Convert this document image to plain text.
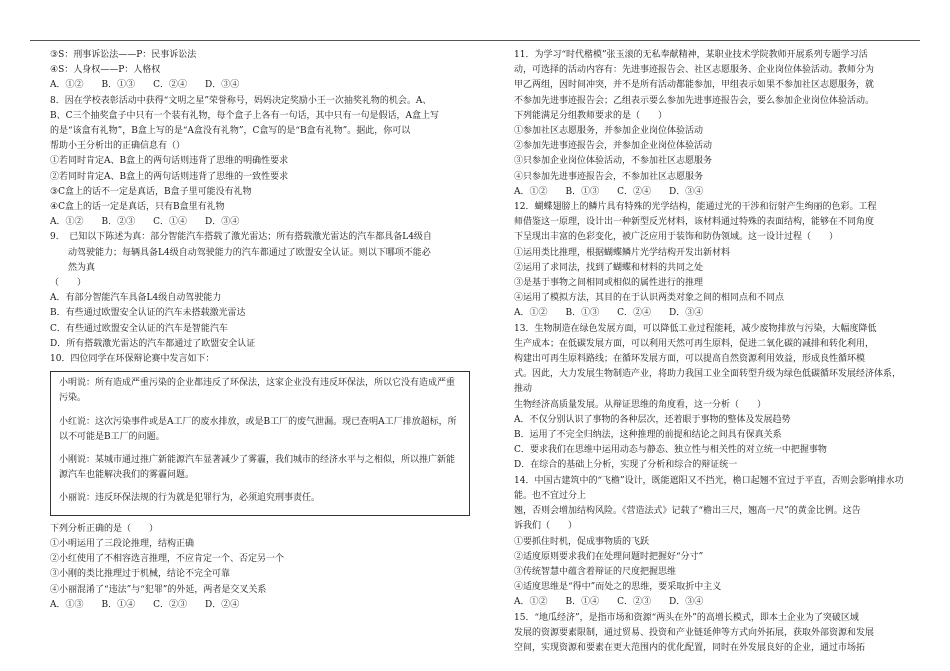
③S：刑事诉讼法——P：民事诉讼法

④S：人身权——P：人格权

A．①②　　B．①③　　C．②④　　D．③④

8．因在学校表彰活动中获得“文明之星”荣誉称号，妈妈决定奖励小王一次抽奖礼物的机会。A、

B、C三个抽奖盒子中只有一个装有礼物，每个盒子上各有一句话，其中只有一句是假话，A盒上写

的是“该盒有礼物”，B盒上写的是“A盒没有礼物”，C盒写的是“B盒有礼物”。据此，你可以

帮助小王分析出的正确信息有（）

①若同时肯定A、B盒上的两句话则违背了思维的明确性要求

②若同时肯定A、B盒上的两句话则违背了思维的一致性要求

③C盒上的话不一定是真话，B盒子里可能没有礼物

④C盒上的话一定是真话，只有B盒里有礼物

A．①②　　B．②③　　C．①④　　D．③④

9．　已知以下陈述为真：部分智能汽车搭载了激光雷达；所有搭载激光雷达的汽车都具备L4级自

　　动驾驶能力；每辆具备L4级自动驾驶能力的汽车都通过了欧盟安全认证。则以下哪项不能必

　　然为真

（　　）

A．有部分智能汽车具备L4级自动驾驶能力

B．有些通过欧盟安全认证的汽车未搭载激光雷达

C．有些通过欧盟安全认证的汽车是智能汽车

D．所有搭载激光雷达的汽车都通过了欧盟安全认证

10．四位同学在环保辩论赛中发言如下：

小明说：所有造成严重污染的企业都违反了环保法，这家企业没有违反环保法，所以它没有造成严重污染。

小红说：这次污染事件或是A工厂的废水排放，或是B工厂的废气泄漏。现已查明A工厂排放超标，所以不可能是B工厂的问题。

小刚说：某城市通过推广新能源汽车显著减少了雾霾，我们城市的经济水平与之相似，所以推广新能源汽车也能解决我们的雾霾问题。

小丽说：违反环保法规的行为就是犯罪行为，必须追究刑事责任。

下列分析正确的是（　　）

①小明运用了三段论推理，结构正确

②小红使用了不相容选言推理，不应肯定一个、否定另一个

③小刚的类比推理过于机械，结论不完全可靠

④小丽混淆了“违法”与“犯罪”的外延，两者是交叉关系

A．①③　　B．①④　　C．②③　　D．②④

11．为学习“时代楷模”张玉滚的无私奉献精神，某职业技术学院教师开展系列专题学习活

动，可选择的活动内容有：先进事迹报告会、社区志愿服务、企业岗位体验活动。教师分为

甲乙两组，因时间冲突，并不是所有活动都能参加，甲组表示如果不参加社区志愿服务，就

不参加先进事迹报告会；乙组表示要么参加先进事迹报告会，要么参加企业岗位体验活动。

下列能满足分组教师要求的是（　　）

①参加社区志愿服务，并参加企业岗位体验活动

②参加先进事迹报告会，并参加企业岗位体验活动

③只参加企业岗位体验活动，不参加社区志愿服务

④只参加先进事迹报告会，不参加社区志愿服务

A．①②　　B．①③　　C．②④　　D．③④

12．蝴蝶翅膀上的鳞片具有特殊的光学结构，能通过光的干涉和衍射产生绚丽的色彩。工程

师借鉴这一原理，设计出一种新型反光材料，该材料通过特殊的表面结构，能够在不同角度

下呈现出丰富的色彩变化，被广泛应用于装饰和防伪领域。这一设计过程（　　）

①运用类比推理，根据蝴蝶鳞片光学结构开发出新材料

②运用了求同法，找到了蝴蝶和材料的共同之处

③是基于事物之间相同或相似的属性进行的推理

④运用了模拟方法，其目的在于认识两类对象之间的相同点和不同点

A．①②　　B．①③　　C．②④　　D．③④

13．生物制造在绿色发展方面，可以降低工业过程能耗，减少废物排放与污染，大幅度降低

生产成本；在低碳发展方面，可以利用天然可再生原料，促进二氧化碳的减排和转化利用，

构建出可再生原料路线；在循环发展方面，可以提高自然资源利用效益，形成良性循环模

式。因此，大力发展生物制造产业，将助力我国工业全面转型升级为绿色低碳循环发展经济体系，推动

生物经济高质量发展。从辩证思维的角度看，这一分析（　　）

A．不仅分别认识了事物的各种层次，还着眼于事物的整体及发展趋势

B．运用了不完全归纳法，这种推理的前提和结论之间具有保真关系

C．要求我们在思维中运用动态与静态、独立性与相关性的对立统一中把握事物

D．在综合的基础上分析，实现了分析和综合的辩证统一

14．中国古建筑中的“飞檐”设计，既能遮阳又不挡光，檐口起翘不宜过于平直，否则会影响排水功能。也不宜过分上

翘，否则会增加结构风险。《营造法式》记载了“檐出三尺，翘高一尺”的黄金比例。这告

诉我们（　　）

①要抓住时机，促成事物质的飞跃

②适度原则要求我们在处理问题时把握好“分寸”

③传统智慧中蕴含着辩证的尺度把握思维

④适度思维是“得中”而处之的思维，要采取折中主义

A．①②　　B．①④　　C．②③　　D．③④

15．“地瓜经济”，是指市场和资源“两头在外”的高增长模式，即本土企业为了突破区域

发展的资源要素限制，通过贸易、投资和产业链延伸等方式向外拓展，获取外部资源和发展

空间，实现资源和要素在更大范围内的优化配置，同时在外发展良好的企业，通过市场拓
